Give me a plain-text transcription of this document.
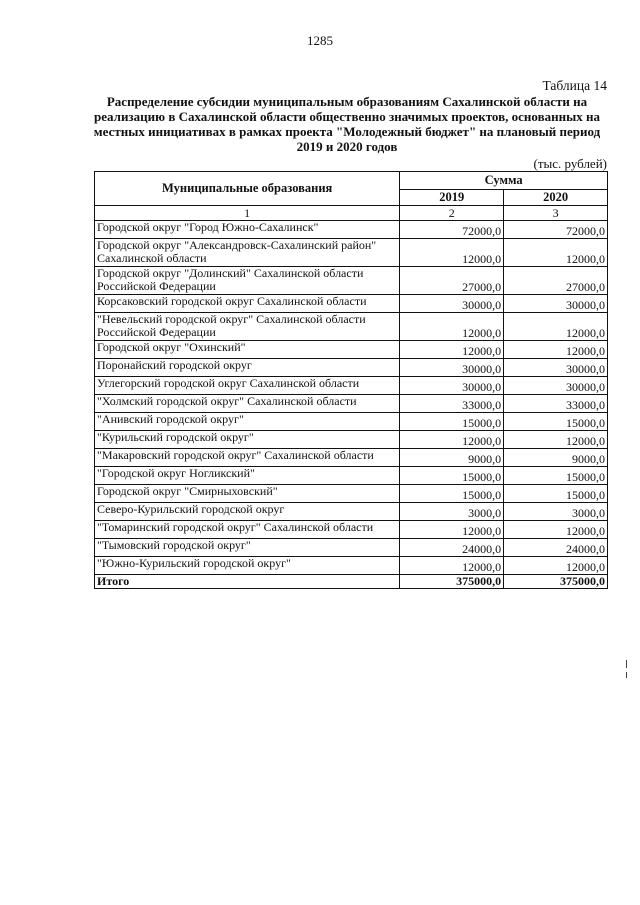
1285
Таблица 14
Распределение субсидии муниципальным образованиям Сахалинской области на
реализацию в Сахалинской области общественно значимых проектов, основанных на
местных инициативах в рамках проекта "Молодежный бюджет" на плановый период
2019 и 2020 годов
(тыс. рублей)
Муниципальные образования	Сумма	
	2019	2020
1	2	3
Городской округ "Город Южно-Сахалинск"	72000,0	72000,0
Городской округ "Александровск-Сахалинский район" Сахалинской области	12000,0	12000,0
Городской округ "Долинский" Сахалинской области Российской Федерации	27000,0	27000,0
Корсаковский городской округ Сахалинской области	30000,0	30000,0
"Невельский городской округ" Сахалинской области Российской Федерации	12000,0	12000,0
Городской округ "Охинский"	12000,0	12000,0
Поронайский городской округ	30000,0	30000,0
Углегорский городской округ Сахалинской области	30000,0	30000,0
"Холмский городской округ" Сахалинской области	33000,0	33000,0
"Анивский городской округ"	15000,0	15000,0
"Курильский городской округ"	12000,0	12000,0
"Макаровский городской округ" Сахалинской области	9000,0	9000,0
"Городской округ Ногликский"	15000,0	15000,0
Городской округ "Смирныховский"	15000,0	15000,0
Северо-Курильский городской округ	3000,0	3000,0
"Томаринский городской округ" Сахалинской области	12000,0	12000,0
"Тымовский городской округ"	24000,0	24000,0
"Южно-Курильский городской округ"	12000,0	12000,0
Итого	375000,0	375000,0
